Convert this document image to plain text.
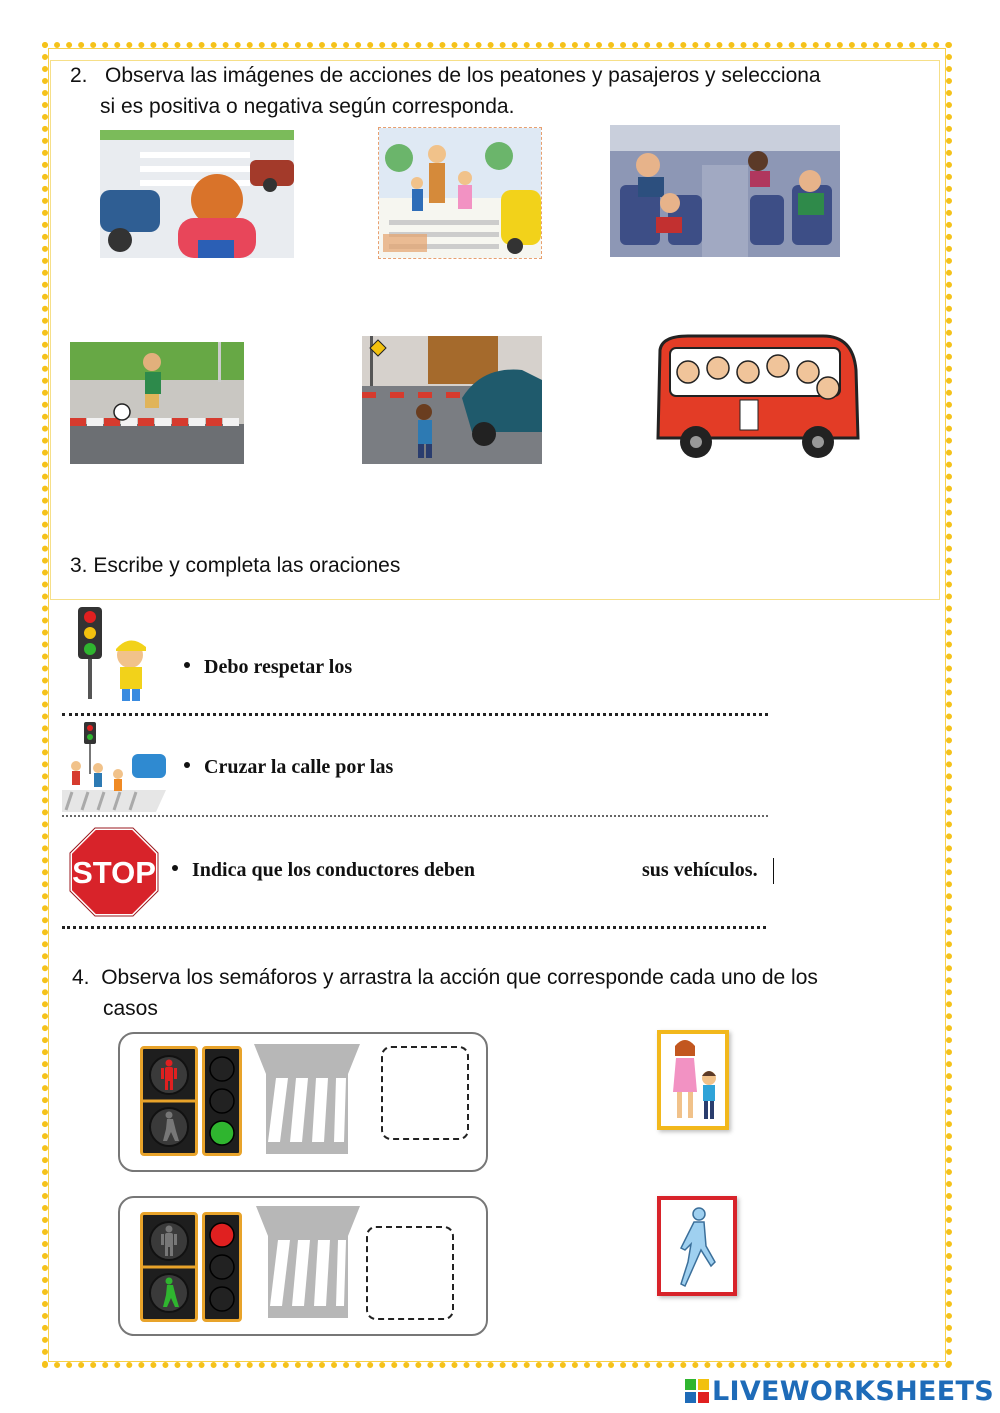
2. Observa las imágenes de acciones de los peatones y pasajeros y selecciona
si es positiva o negativa según corresponda.
3. Escribe y completa las oraciones
Debo respetar los
Cruzar la calle por las
STOP	Indica que los conductores deben	sus vehículos.
4. Observa los semáforos y arrastra la acción que corresponde cada uno de los
casos
LIVEWORKSHEETS
